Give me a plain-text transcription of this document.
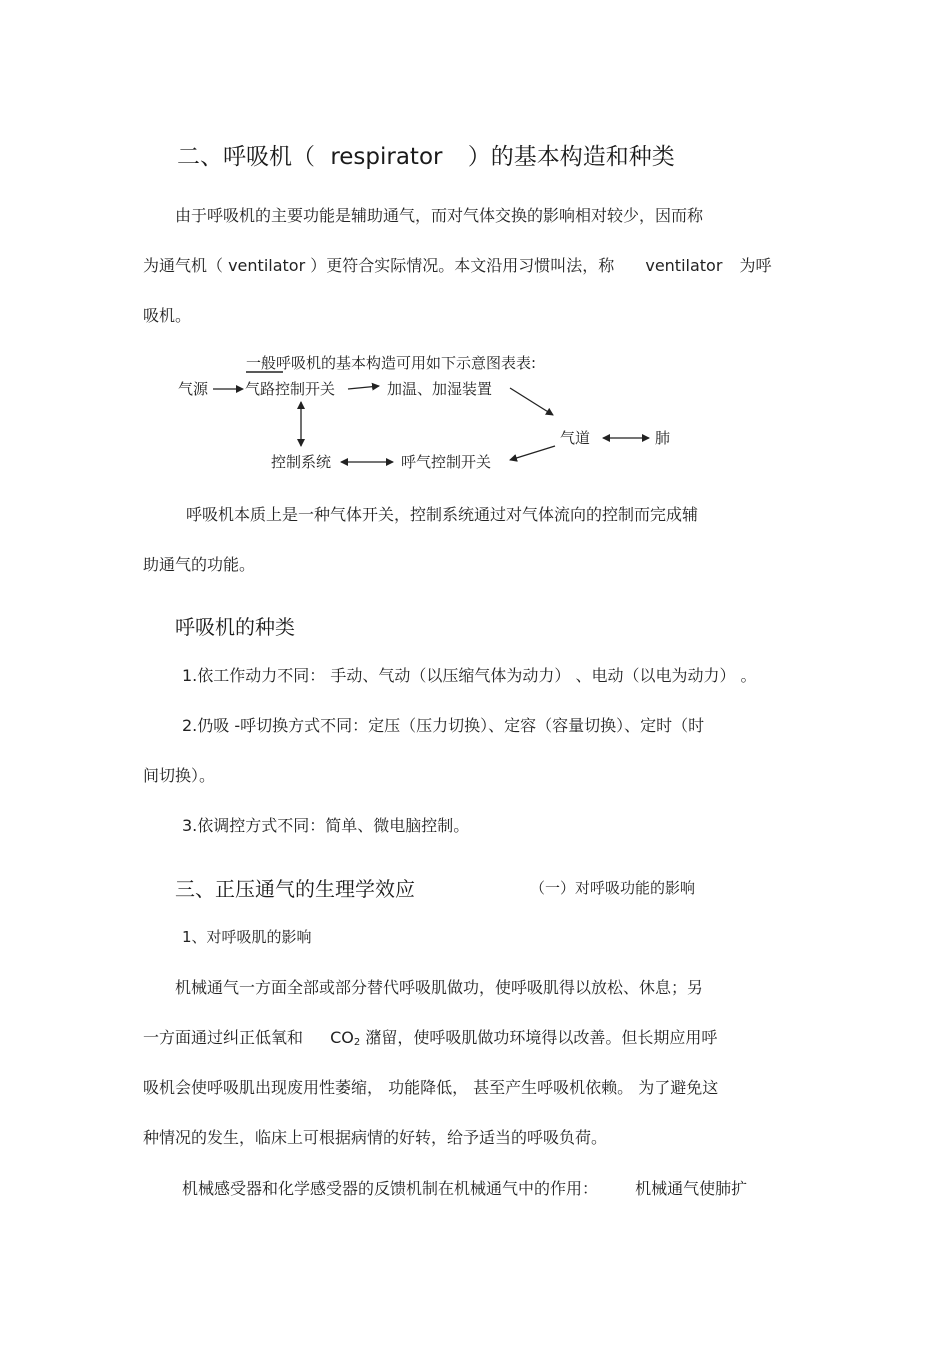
二、呼吸机（ respirator ）的基本构造和种类
由于呼吸机的主要功能是辅助通气，而对气体交换的影响相对较少，因而称
为通气机（ ventilator ）更符合实际情况。本文沿用习惯叫法，称 ventilator 为呼
吸机。
一般呼吸机的基本构造可用如下示意图表表:
气源 气路控制开关	加温、加湿装置
气道	肺
控制系统	呼气控制开关
呼吸机本质上是一种气体开关，控制系统通过对气体流向的控制而完成辅
助通气的功能。
呼吸机的种类
1.依工作动力不同： 手动、气动（以压缩气体为动力） 、电动（以电为动力） 。
2.仍吸 -呼切换方式不同：定压（压力切换）、定容（容量切换）、定时（时
间切换）。
3.依调控方式不同：简单、微电脑控制。
三、正压通气的生理学效应	（一）对呼吸功能的影响
1、对呼吸肌的影响
机械通气一方面全部或部分替代呼吸肌做功，使呼吸肌得以放松、休息；另
一方面通过纠正低氧和 $CO_2$ 潴留，使呼吸肌做功环境得以改善。但长期应用呼
吸机会使呼吸肌出现废用性萎缩， 功能降低， 甚至产生呼吸机依赖。 为了避免这
种情况的发生，临床上可根据病情的好转，给予适当的呼吸负荷。
机械感受器和化学感受器的反馈机制在机械通气中的作用： 机械通气使肺扩
